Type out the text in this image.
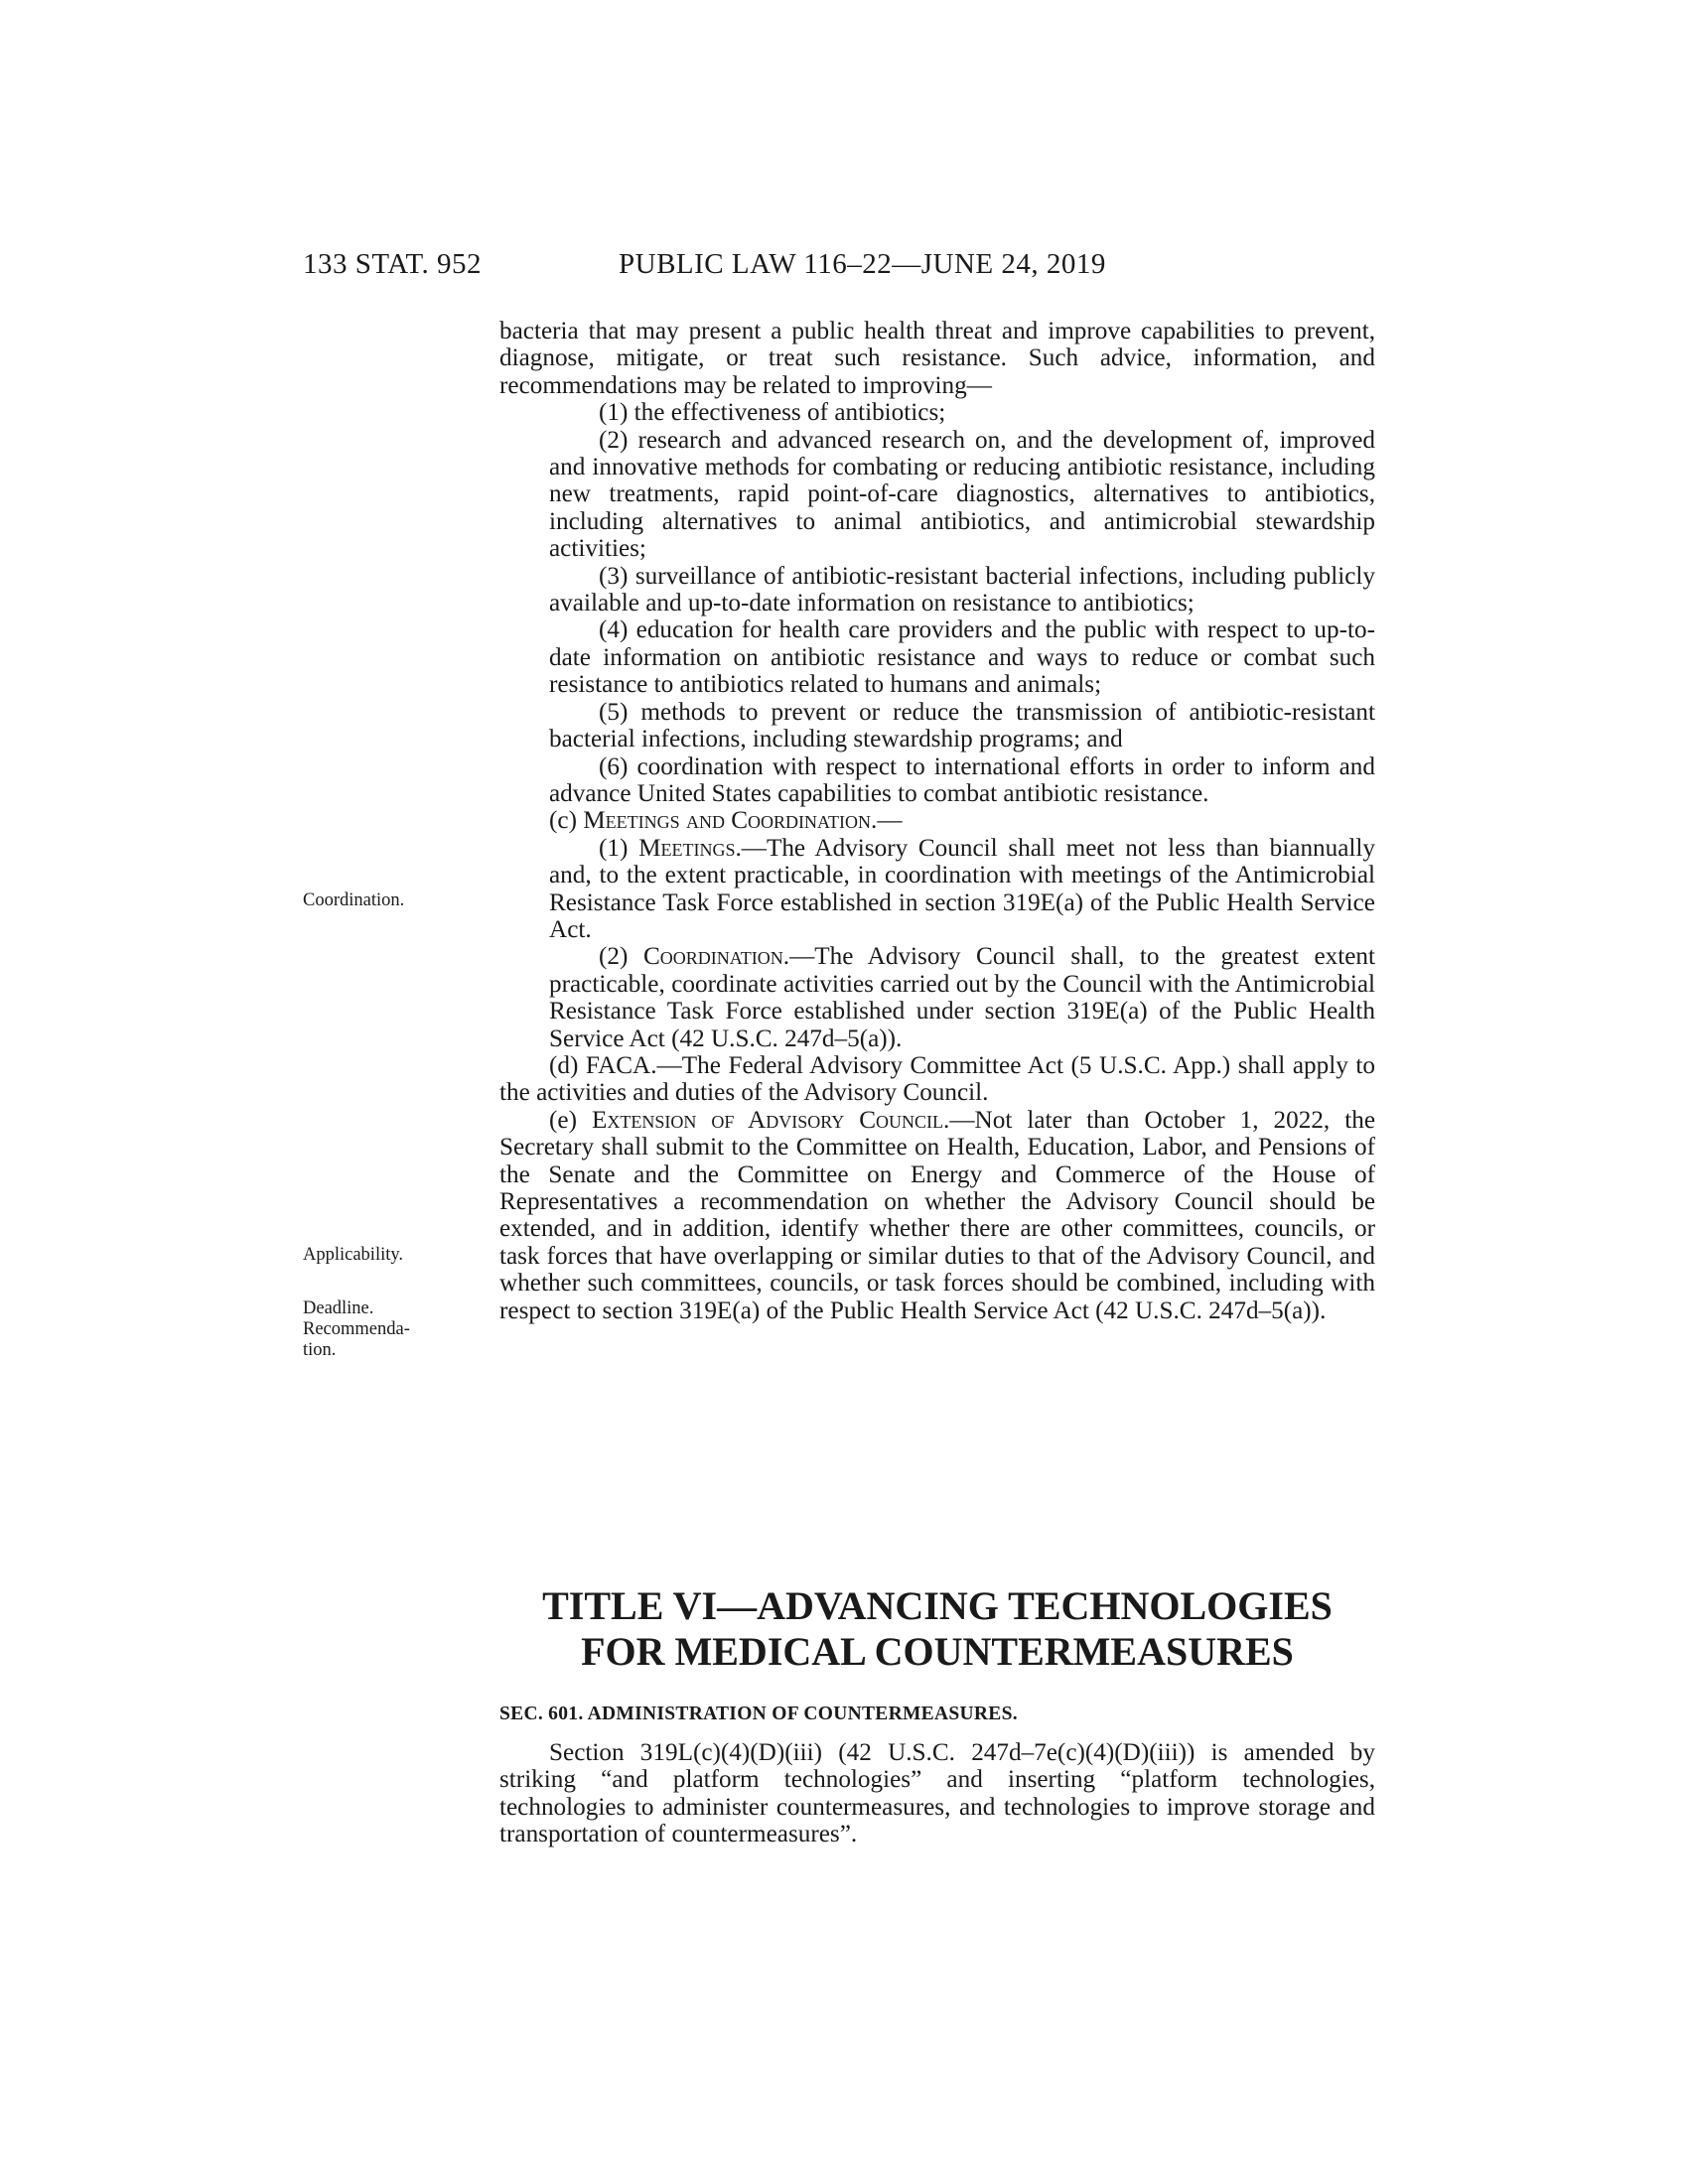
133 STAT. 952	PUBLIC LAW 116–22—JUNE 24, 2019
Coordination.
Applicability.
Deadline.
Recommenda-
tion.

bacteria that may present a public health threat and improve capabilities to prevent, diagnose, mitigate, or treat such resistance. Such advice, information, and recommendations may be related to improving—

(1) the effectiveness of antibiotics;

(2) research and advanced research on, and the development of, improved and innovative methods for combating or reducing antibiotic resistance, including new treatments, rapid point-of-care diagnostics, alternatives to antibiotics, including alternatives to animal antibiotics, and antimicrobial stewardship activities;

(3) surveillance of antibiotic-resistant bacterial infections, including publicly available and up-to-date information on resistance to antibiotics;

(4) education for health care providers and the public with respect to up-to-date information on antibiotic resistance and ways to reduce or combat such resistance to antibiotics related to humans and animals;

(5) methods to prevent or reduce the transmission of antibiotic-resistant bacterial infections, including stewardship programs; and

(6) coordination with respect to international efforts in order to inform and advance United States capabilities to combat antibiotic resistance.

(c) Meetings and Coordination.—

(1) Meetings.—The Advisory Council shall meet not less than biannually and, to the extent practicable, in coordination with meetings of the Antimicrobial Resistance Task Force established in section 319E(a) of the Public Health Service Act.

(2) Coordination.—The Advisory Council shall, to the greatest extent practicable, coordinate activities carried out by the Council with the Antimicrobial Resistance Task Force established under section 319E(a) of the Public Health Service Act (42 U.S.C. 247d–5(a)).

(d) FACA.—The Federal Advisory Committee Act (5 U.S.C. App.) shall apply to the activities and duties of the Advisory Council.

(e) Extension of Advisory Council.—Not later than October 1, 2022, the Secretary shall submit to the Committee on Health, Education, Labor, and Pensions of the Senate and the Committee on Energy and Commerce of the House of Representatives a recommendation on whether the Advisory Council should be extended, and in addition, identify whether there are other committees, councils, or task forces that have overlapping or similar duties to that of the Advisory Council, and whether such committees, councils, or task forces should be combined, including with respect to section 319E(a) of the Public Health Service Act (42 U.S.C. 247d–5(a)).

TITLE VI—ADVANCING TECHNOLOGIES
FOR MEDICAL COUNTERMEASURES
SEC. 601. ADMINISTRATION OF COUNTERMEASURES.

Section 319L(c)(4)(D)(iii) (42 U.S.C. 247d–7e(c)(4)(D)(iii)) is amended by striking “and platform technologies” and inserting “platform technologies, technologies to administer countermeasures, and technologies to improve storage and transportation of countermeasures”.
